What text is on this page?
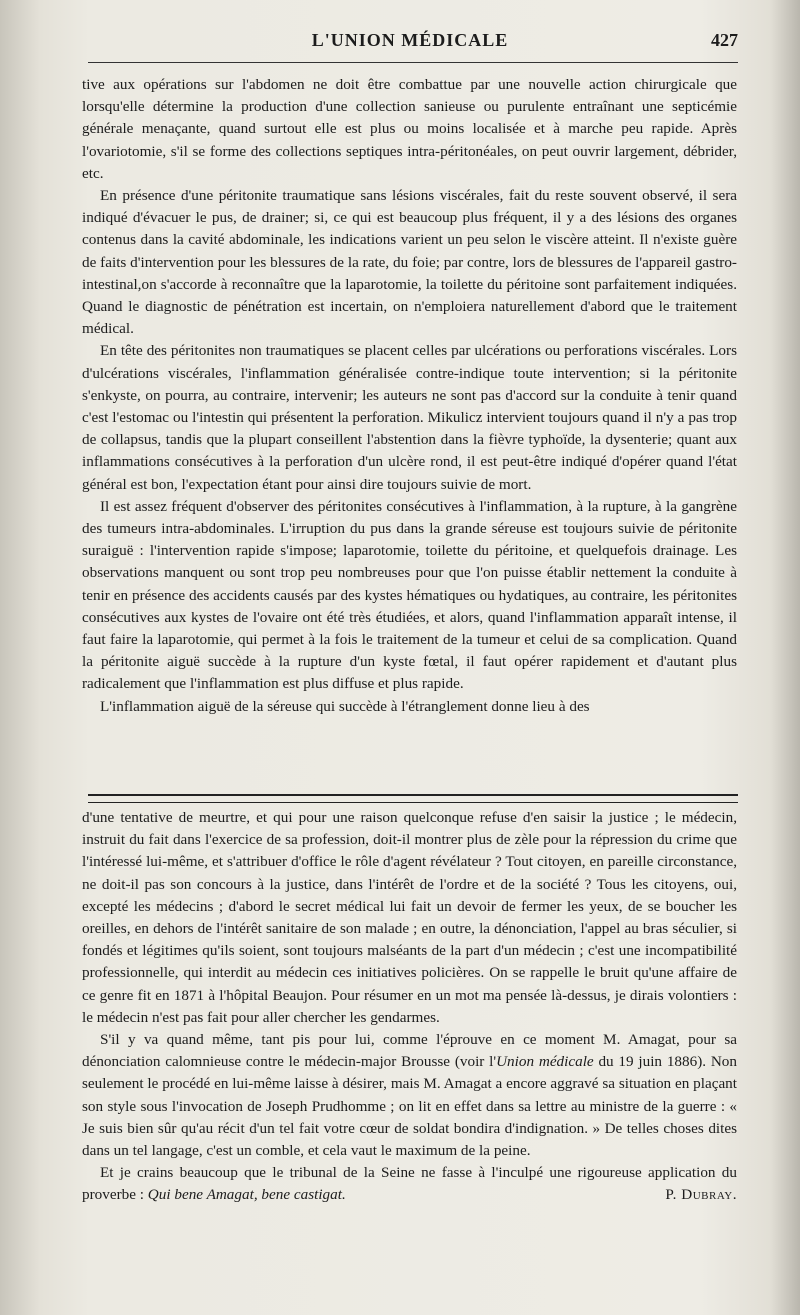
L'UNION MÉDICALE	427

tive aux opérations sur l'abdomen ne doit être combattue par une nouvelle action chirurgicale que lorsqu'elle détermine la production d'une collection sanieuse ou purulente entraînant une septicémie générale menaçante, quand surtout elle est plus ou moins localisée et à marche peu rapide. Après l'ovariotomie, s'il se forme des collections septiques intra-péritonéales, on peut ouvrir largement, débrider, etc.

En présence d'une péritonite traumatique sans lésions viscérales, fait du reste souvent observé, il sera indiqué d'évacuer le pus, de drainer; si, ce qui est beaucoup plus fréquent, il y a des lésions des organes contenus dans la cavité abdominale, les indications varient un peu selon le viscère atteint. Il n'existe guère de faits d'intervention pour les blessures de la rate, du foie; par contre, lors de blessures de l'appareil gastro-intestinal,on s'accorde à reconnaître que la laparotomie, la toilette du péritoine sont parfaitement indiquées. Quand le diagnostic de pénétration est incertain, on n'emploiera naturellement d'abord que le traitement médical.

En tête des péritonites non traumatiques se placent celles par ulcérations ou perforations viscérales. Lors d'ulcérations viscérales, l'inflammation généralisée contre-indique toute intervention; si la péritonite s'enkyste, on pourra, au contraire, intervenir; les auteurs ne sont pas d'accord sur la conduite à tenir quand c'est l'estomac ou l'intestin qui présentent la perforation. Mikulicz intervient toujours quand il n'y a pas trop de collapsus, tandis que la plupart conseillent l'abstention dans la fièvre typhoïde, la dysenterie; quant aux inflammations consécutives à la perforation d'un ulcère rond, il est peut-être indiqué d'opérer quand l'état général est bon, l'expectation étant pour ainsi dire toujours suivie de mort.

Il est assez fréquent d'observer des péritonites consécutives à l'inflammation, à la rupture, à la gangrène des tumeurs intra-abdominales. L'irruption du pus dans la grande séreuse est toujours suivie de péritonite suraiguë : l'intervention rapide s'impose; laparotomie, toilette du péritoine, et quelquefois drainage. Les observations manquent ou sont trop peu nombreuses pour que l'on puisse établir nettement la conduite à tenir en présence des accidents causés par des kystes hématiques ou hydatiques, au contraire, les péritonites consécutives aux kystes de l'ovaire ont été très étudiées, et alors, quand l'inflammation apparaît intense, il faut faire la laparotomie, qui permet à la fois le traitement de la tumeur et celui de sa complication. Quand la péritonite aiguë succède à la rupture d'un kyste fœtal, il faut opérer rapidement et d'autant plus radicalement que l'inflammation est plus diffuse et plus rapide.

L'inflammation aiguë de la séreuse qui succède à l'étranglement donne lieu à des

d'une tentative de meurtre, et qui pour une raison quelconque refuse d'en saisir la justice ; le médecin, instruit du fait dans l'exercice de sa profession, doit-il montrer plus de zèle pour la répression du crime que l'intéressé lui-même, et s'attribuer d'office le rôle d'agent révélateur ? Tout citoyen, en pareille circonstance, ne doit-il pas son concours à la justice, dans l'intérêt de l'ordre et de la société ? Tous les citoyens, oui, excepté les médecins ; d'abord le secret médical lui fait un devoir de fermer les yeux, de se boucher les oreilles, en dehors de l'intérêt sanitaire de son malade ; en outre, la dénonciation, l'appel au bras séculier, si fondés et légitimes qu'ils soient, sont toujours malséants de la part d'un médecin ; c'est une incompatibilité professionnelle, qui interdit au médecin ces initiatives policières. On se rappelle le bruit qu'une affaire de ce genre fit en 1871 à l'hôpital Beaujon. Pour résumer en un mot ma pensée là-dessus, je dirais volontiers : le médecin n'est pas fait pour aller chercher les gendarmes.

S'il y va quand même, tant pis pour lui, comme l'éprouve en ce moment M. Amagat, pour sa dénonciation calomnieuse contre le médecin-major Brousse (voir l'Union médicale du 19 juin 1886). Non seulement le procédé en lui-même laisse à désirer, mais M. Amagat a encore aggravé sa situation en plaçant son style sous l'invocation de Joseph Prudhomme ; on lit en effet dans sa lettre au ministre de la guerre : « Je suis bien sûr qu'au récit d'un tel fait votre cœur de soldat bondira d'indignation. » De telles choses dites dans un tel langage, c'est un comble, et cela vaut le maximum de la peine.

Et je crains beaucoup que le tribunal de la Seine ne fasse à l'inculpé une rigoureuse application du proverbe : Qui bene Amagat, bene castigat.	P. Dubray.
